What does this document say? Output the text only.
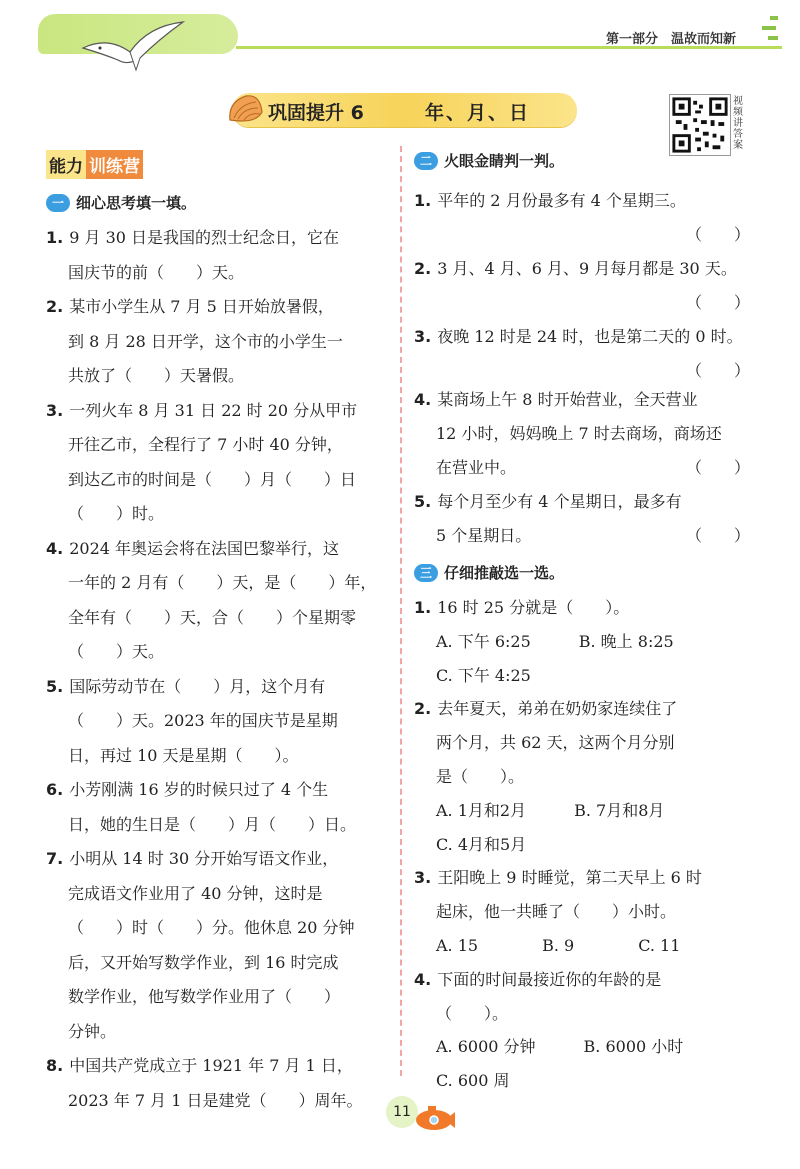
第一部分　温故而知新
巩固提升 6	年、月、日
视频讲答案
能力 训练营
一 细心思考填一填。
1. 9 月 30 日是我国的烈士纪念日，它在
国庆节的前（　　）天。
2. 某市小学生从 7 月 5 日开始放暑假，
到 8 月 28 日开学，这个市的小学生一
共放了（　　）天暑假。
3. 一列火车 8 月 31 日 22 时 20 分从甲市
开往乙市，全程行了 7 小时 40 分钟，
到达乙市的时间是（　　）月（　　）日
（　　）时。
4. 2024 年奥运会将在法国巴黎举行，这
一年的 2 月有（　　）天，是（　　）年，
全年有（　　）天，合（　　）个星期零
（　　）天。
5. 国际劳动节在（　　）月，这个月有
（　　）天。2023 年的国庆节是星期
日，再过 10 天是星期（　　）。
6. 小芳刚满 16 岁的时候只过了 4 个生
日，她的生日是（　　）月（　　）日。
7. 小明从 14 时 30 分开始写语文作业，
完成语文作业用了 40 分钟，这时是
（　　）时（　　）分。他休息 20 分钟
后，又开始写数学作业，到 16 时完成
数学作业，他写数学作业用了（　　）
分钟。
8. 中国共产党成立于 1921 年 7 月 1 日，
2023 年 7 月 1 日是建党（　　）周年。
二 火眼金睛判一判。
1. 平年的 2 月份最多有 4 个星期三。
2. 3 月、4 月、6 月、9 月每月都是 30 天。
3. 夜晚 12 时是 24 时，也是第二天的 0 时。
4. 某商场上午 8 时开始营业，全天营业
12 小时，妈妈晚上 7 时去商场，商场还
在营业中。
5. 每个月至少有 4 个星期日，最多有
5 个星期日。
（　　）
（　　）
（　　）
（　　）
（　　）
三 仔细推敲选一选。
1. 16 时 25 分就是（　　）。
A. 下午 6:25　　　B. 晚上 8:25
C. 下午 4:25
2. 去年夏天，弟弟在奶奶家连续住了
两个月，共 62 天，这两个月分别
是（　　）。
A. 1月和2月　　　B. 7月和8月
C. 4月和5月
3. 王阳晚上 9 时睡觉，第二天早上 6 时
起床，他一共睡了（　　）小时。
A. 15　　　　B. 9　　　　C. 11
4. 下面的时间最接近你的年龄的是
（　　）。
A. 6000 分钟　　　B. 6000 小时
C. 600 周
11
